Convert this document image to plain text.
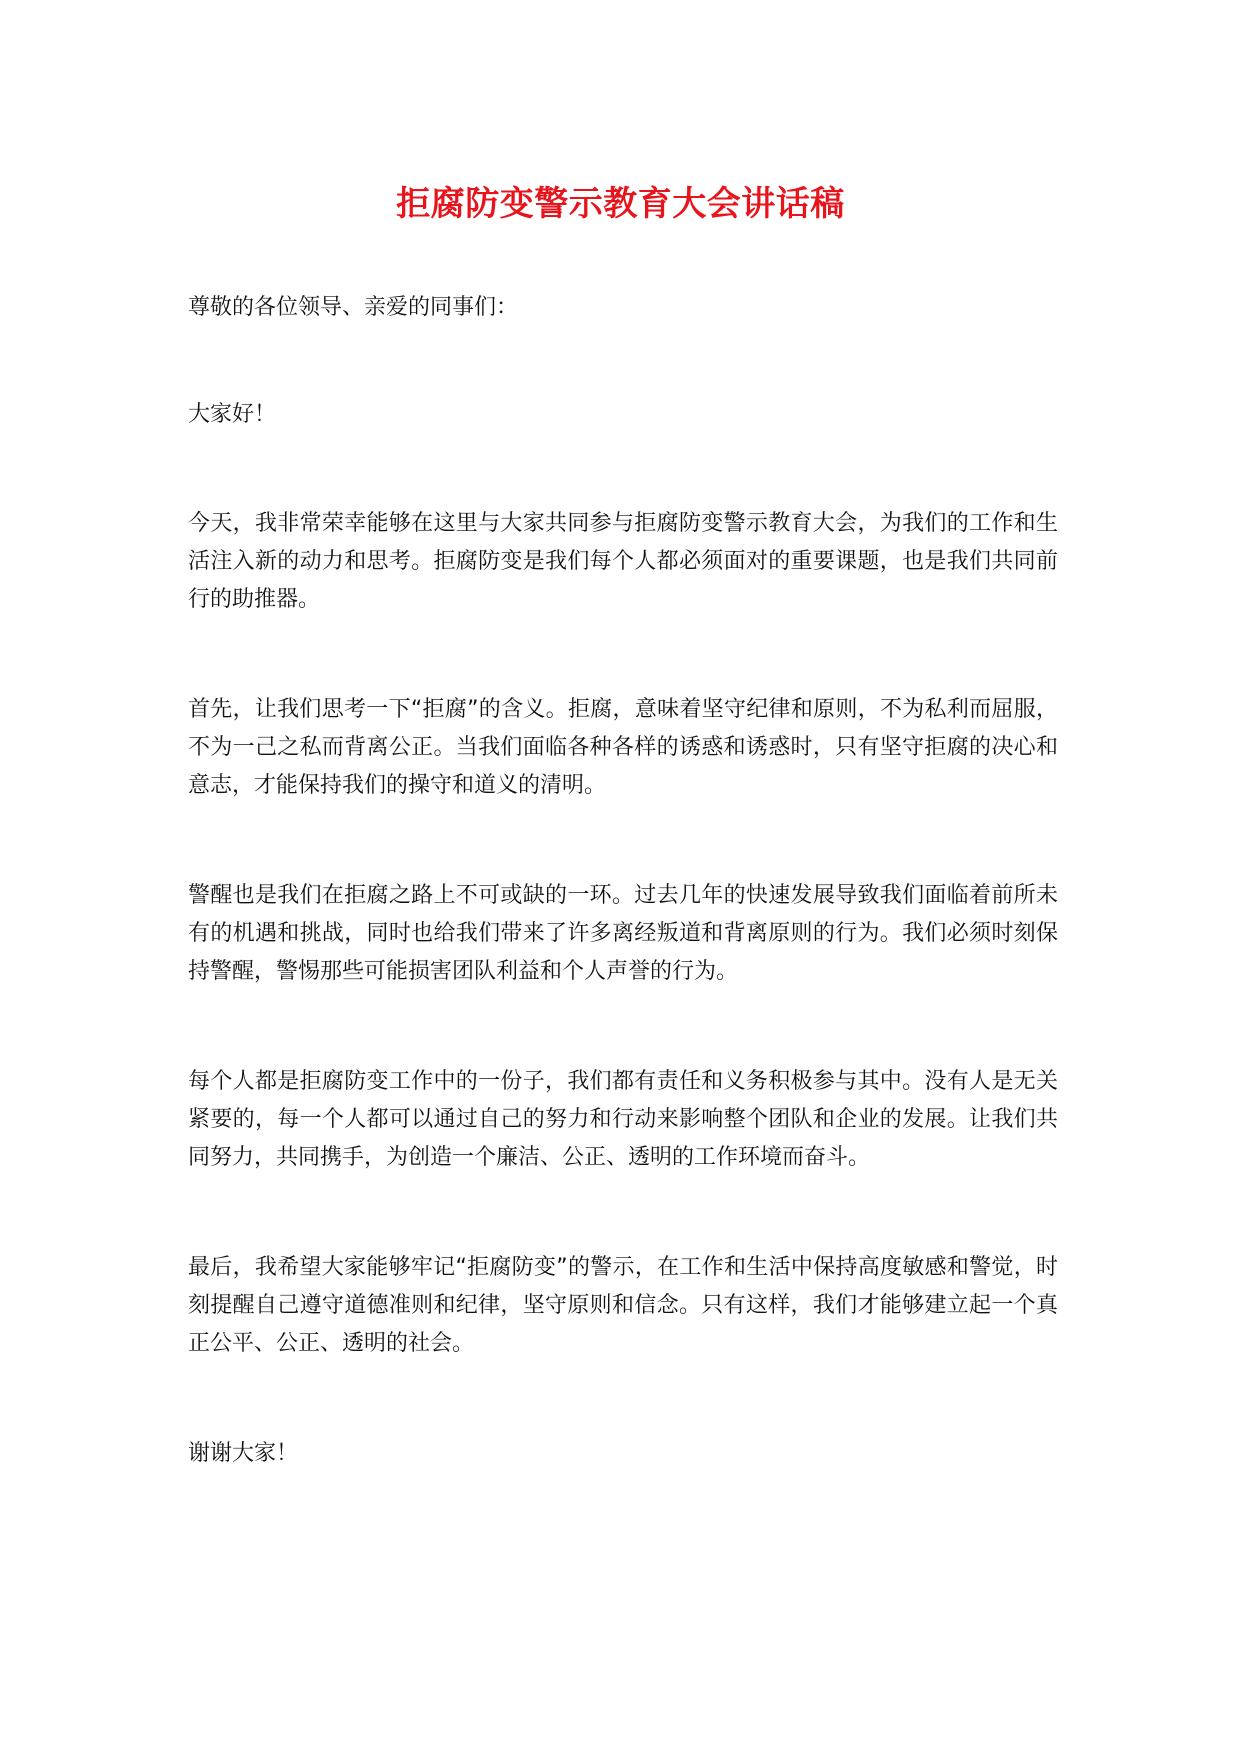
拒腐防变警示教育大会讲话稿

尊敬的各位领导、亲爱的同事们：

大家好！

今天，我非常荣幸能够在这里与大家共同参与拒腐防变警示教育大会，为我们的工作和生活注入新的动力和思考。拒腐防变是我们每个人都必须面对的重要课题，也是我们共同前行的助推器。

首先，让我们思考一下“拒腐”的含义。拒腐，意味着坚守纪律和原则，不为私利而屈服，不为一己之私而背离公正。当我们面临各种各样的诱惑和诱惑时，只有坚守拒腐的决心和意志，才能保持我们的操守和道义的清明。

警醒也是我们在拒腐之路上不可或缺的一环。过去几年的快速发展导致我们面临着前所未有的机遇和挑战，同时也给我们带来了许多离经叛道和背离原则的行为。我们必须时刻保持警醒，警惕那些可能损害团队利益和个人声誉的行为。

每个人都是拒腐防变工作中的一份子，我们都有责任和义务积极参与其中。没有人是无关紧要的，每一个人都可以通过自己的努力和行动来影响整个团队和企业的发展。让我们共同努力，共同携手，为创造一个廉洁、公正、透明的工作环境而奋斗。

最后，我希望大家能够牢记“拒腐防变”的警示，在工作和生活中保持高度敏感和警觉，时刻提醒自己遵守道德准则和纪律，坚守原则和信念。只有这样，我们才能够建立起一个真正公平、公正、透明的社会。

谢谢大家！
